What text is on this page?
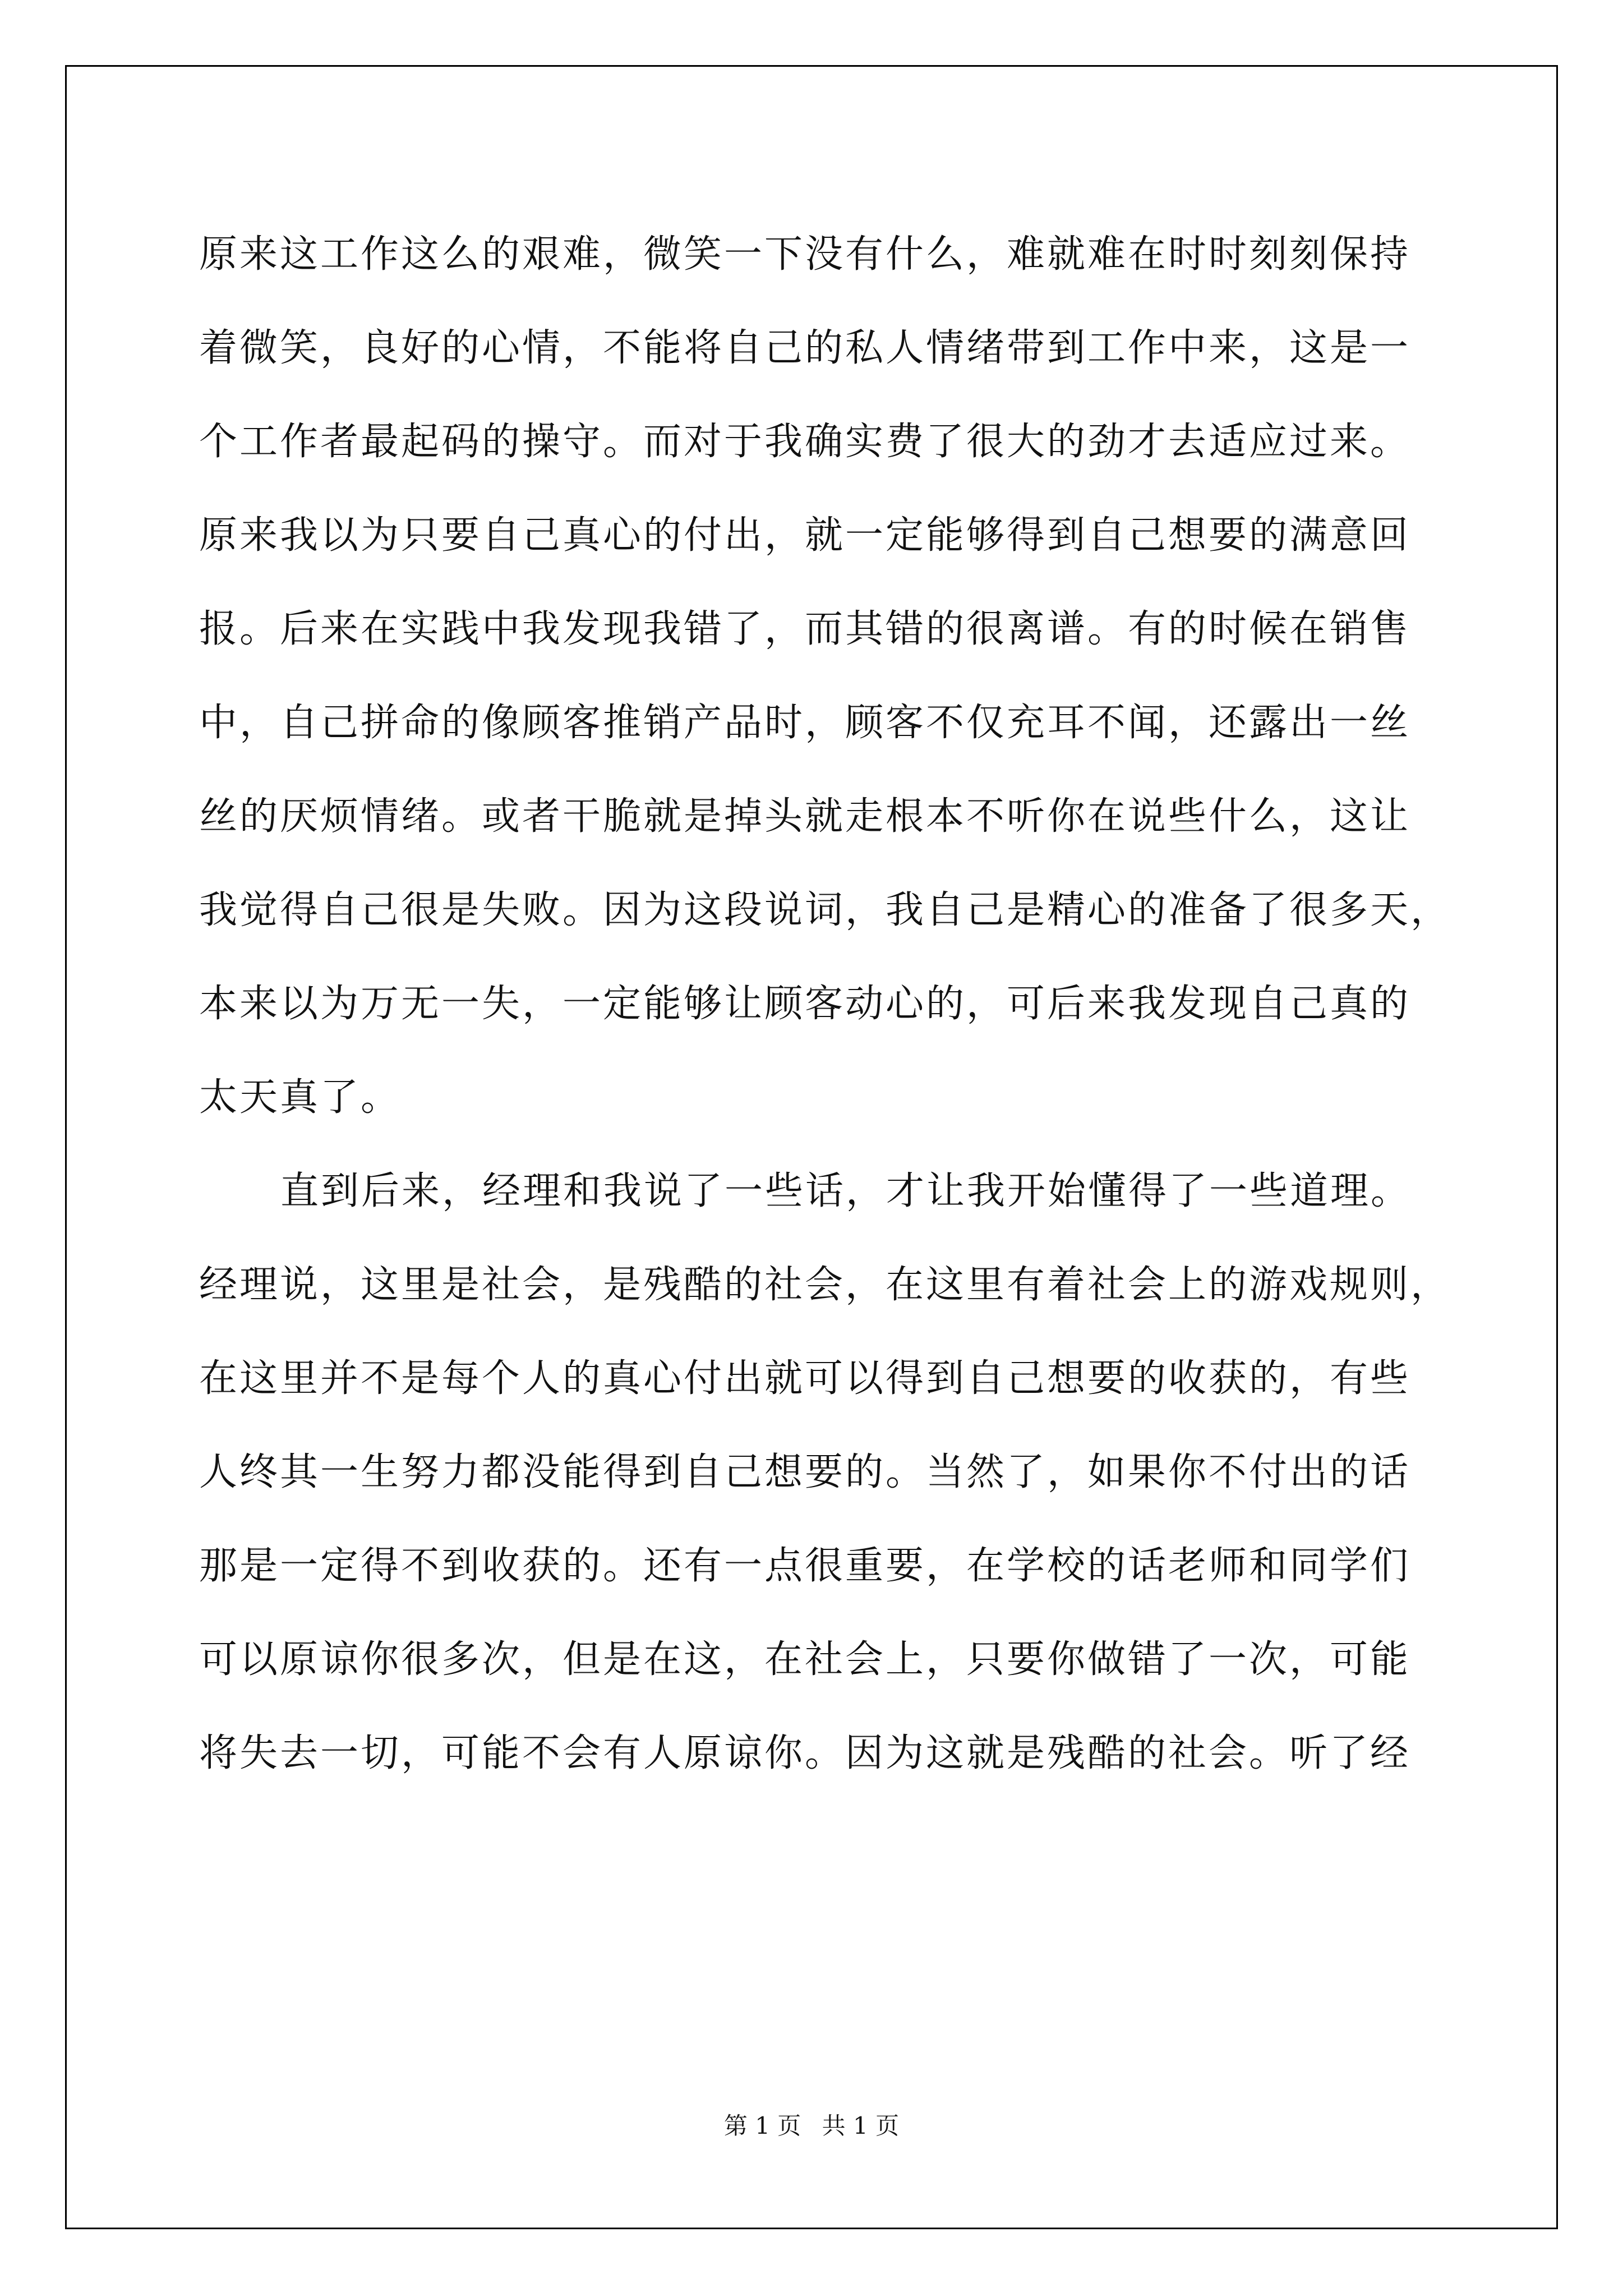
原来这工作这么的艰难，微笑一下没有什么，难就难在时时刻刻保持
着微笑，良好的心情，不能将自己的私人情绪带到工作中来，这是一
个工作者最起码的操守。而对于我确实费了很大的劲才去适应过来。
原来我以为只要自己真心的付出，就一定能够得到自己想要的满意回
报。后来在实践中我发现我错了，而其错的很离谱。有的时候在销售
中，自己拼命的像顾客推销产品时，顾客不仅充耳不闻，还露出一丝
丝的厌烦情绪。或者干脆就是掉头就走根本不听你在说些什么，这让
我觉得自己很是失败。因为这段说词，我自己是精心的准备了很多天，
本来以为万无一失，一定能够让顾客动心的，可后来我发现自己真的
太天真了。
直到后来，经理和我说了一些话，才让我开始懂得了一些道理。
经理说，这里是社会，是残酷的社会，在这里有着社会上的游戏规则，
在这里并不是每个人的真心付出就可以得到自己想要的收获的，有些
人终其一生努力都没能得到自己想要的。当然了，如果你不付出的话
那是一定得不到收获的。还有一点很重要，在学校的话老师和同学们
可以原谅你很多次，但是在这，在社会上，只要你做错了一次，可能
将失去一切，可能不会有人原谅你。因为这就是残酷的社会。听了经
第 1 页 共 1 页
